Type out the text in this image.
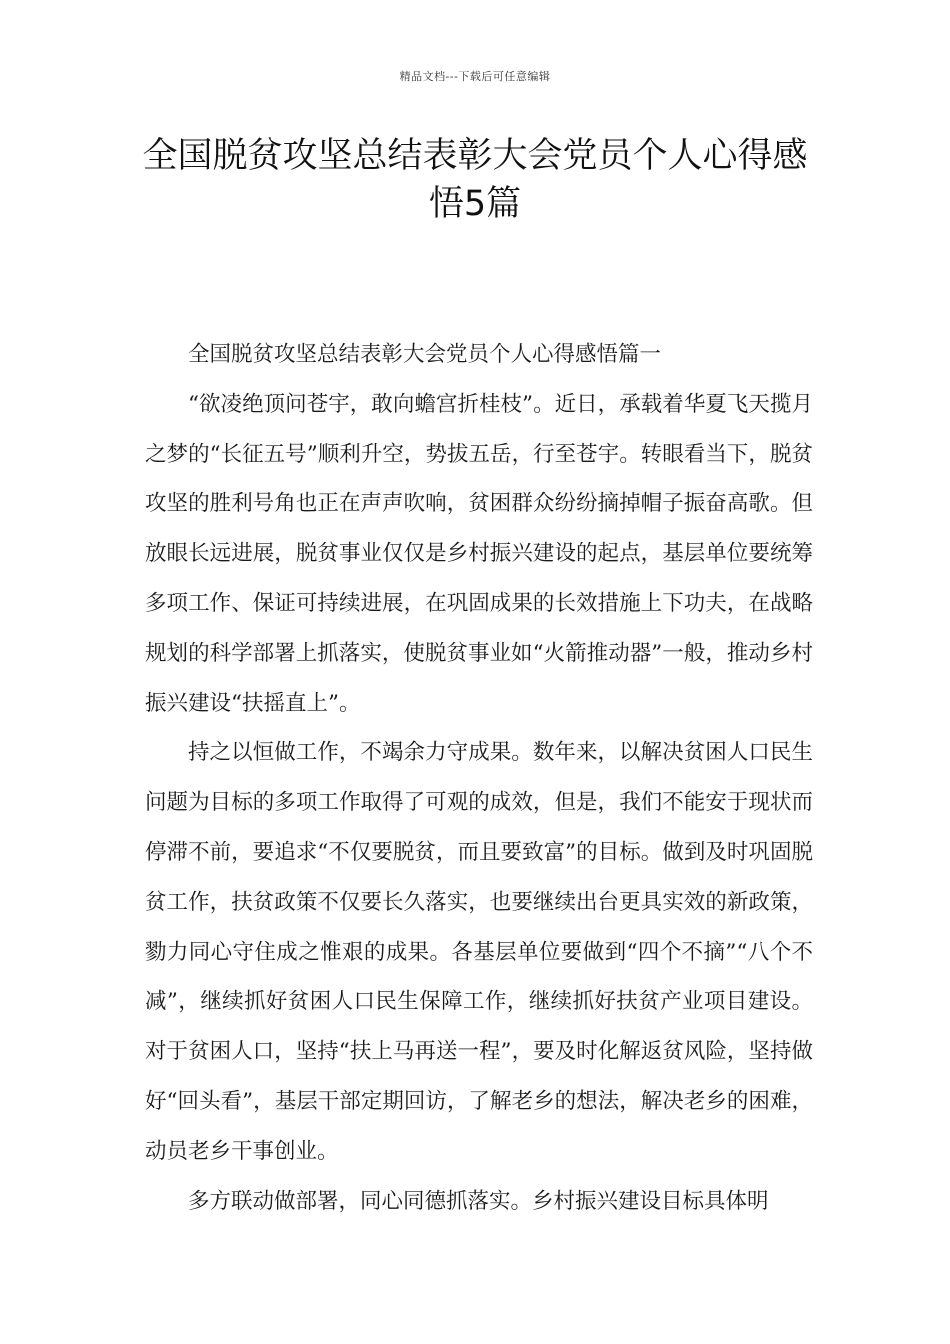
精品文档---下载后可任意编辑
全国脱贫攻坚总结表彰大会党员个人心得感悟5篇

全国脱贫攻坚总结表彰大会党员个人心得感悟篇一

“欲凌绝顶问苍宇，敢向蟾宫折桂枝”。近日，承载着华夏飞天揽月之梦的“长征五号”顺利升空，势拔五岳，行至苍宇。转眼看当下，脱贫攻坚的胜利号角也正在声声吹响，贫困群众纷纷摘掉帽子振奋高歌。但放眼长远进展，脱贫事业仅仅是乡村振兴建设的起点，基层单位要统筹多项工作、保证可持续进展，在巩固成果的长效措施上下功夫，在战略规划的科学部署上抓落实，使脱贫事业如“火箭推动器”一般，推动乡村振兴建设“扶摇直上”。

持之以恒做工作，不竭余力守成果。数年来，以解决贫困人口民生问题为目标的多项工作取得了可观的成效，但是，我们不能安于现状而停滞不前，要追求“不仅要脱贫，而且要致富”的目标。做到及时巩固脱贫工作，扶贫政策不仅要长久落实，也要继续出台更具实效的新政策，勠力同心守住成之惟艰的成果。各基层单位要做到“四个不摘”“八个不减”，继续抓好贫困人口民生保障工作，继续抓好扶贫产业项目建设。对于贫困人口，坚持“扶上马再送一程”，要及时化解返贫风险，坚持做好“回头看”，基层干部定期回访，了解老乡的想法，解决老乡的困难，动员老乡干事创业。

多方联动做部署，同心同德抓落实。乡村振兴建设目标具体明
